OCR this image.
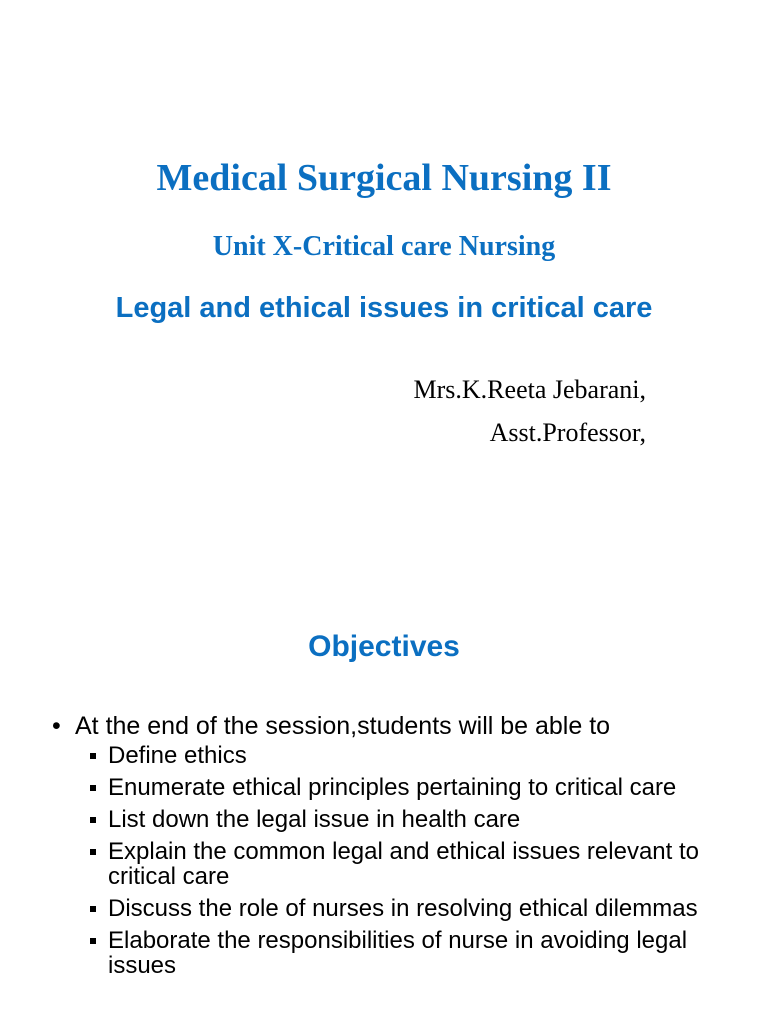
Medical Surgical Nursing II
Unit X-Critical care Nursing
Legal and ethical issues in critical care
Mrs.K.Reeta Jebarani,
Asst.Professor,
Objectives
• At the end of the session,students will be able to
Define ethics
Enumerate ethical principles pertaining to critical care
List down the legal issue in health care
Explain the common legal and ethical issues relevant to critical care
Discuss the role of nurses in resolving ethical dilemmas
Elaborate the responsibilities of nurse in avoiding legal issues
